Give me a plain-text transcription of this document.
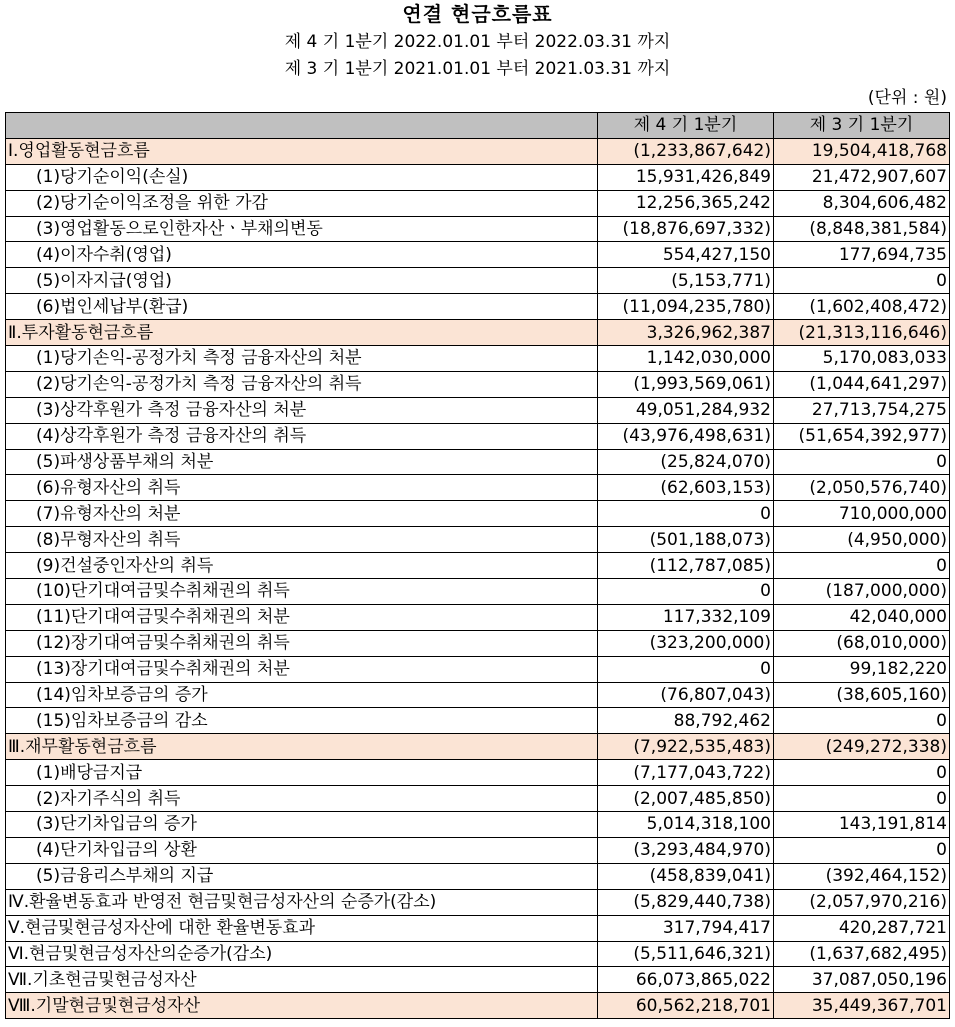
연결 현금흐름표
제 4 기 1분기 2022.01.01 부터 2022.03.31 까지
제 3 기 1분기 2021.01.01 부터 2021.03.31 까지
(단위 : 원)
	제 4 기 1분기	제 3 기 1분기
Ⅰ.영업활동현금흐름	(1,233,867,642)	19,504,418,768
(1)당기순이익(손실)	15,931,426,849	21,472,907,607
(2)당기순이익조정을 위한 가감	12,256,365,242	8,304,606,482
(3)영업활동으로인한자산ㆍ부채의변동	(18,876,697,332)	(8,848,381,584)
(4)이자수취(영업)	554,427,150	177,694,735
(5)이자지급(영업)	(5,153,771)	0
(6)법인세납부(환급)	(11,094,235,780)	(1,602,408,472)
Ⅱ.투자활동현금흐름	3,326,962,387	(21,313,116,646)
(1)당기손익-공정가치 측정 금융자산의 처분	1,142,030,000	5,170,083,033
(2)당기손익-공정가치 측정 금융자산의 취득	(1,993,569,061)	(1,044,641,297)
(3)상각후원가 측정 금융자산의 처분	49,051,284,932	27,713,754,275
(4)상각후원가 측정 금융자산의 취득	(43,976,498,631)	(51,654,392,977)
(5)파생상품부채의 처분	(25,824,070)	0
(6)유형자산의 취득	(62,603,153)	(2,050,576,740)
(7)유형자산의 처분	0	710,000,000
(8)무형자산의 취득	(501,188,073)	(4,950,000)
(9)건설중인자산의 취득	(112,787,085)	0
(10)단기대여금및수취채권의 취득	0	(187,000,000)
(11)단기대여금및수취채권의 처분	117,332,109	42,040,000
(12)장기대여금및수취채권의 취득	(323,200,000)	(68,010,000)
(13)장기대여금및수취채권의 처분	0	99,182,220
(14)임차보증금의 증가	(76,807,043)	(38,605,160)
(15)임차보증금의 감소	88,792,462	0
Ⅲ.재무활동현금흐름	(7,922,535,483)	(249,272,338)
(1)배당금지급	(7,177,043,722)	0
(2)자기주식의 취득	(2,007,485,850)	0
(3)단기차입금의 증가	5,014,318,100	143,191,814
(4)단기차입금의 상환	(3,293,484,970)	0
(5)금융리스부채의 지급	(458,839,041)	(392,464,152)
Ⅳ.환율변동효과 반영전 현금및현금성자산의 순증가(감소)	(5,829,440,738)	(2,057,970,216)
Ⅴ.현금및현금성자산에 대한 환율변동효과	317,794,417	420,287,721
Ⅵ.현금및현금성자산의순증가(감소)	(5,511,646,321)	(1,637,682,495)
Ⅶ.기초현금및현금성자산	66,073,865,022	37,087,050,196
Ⅷ.기말현금및현금성자산	60,562,218,701	35,449,367,701
